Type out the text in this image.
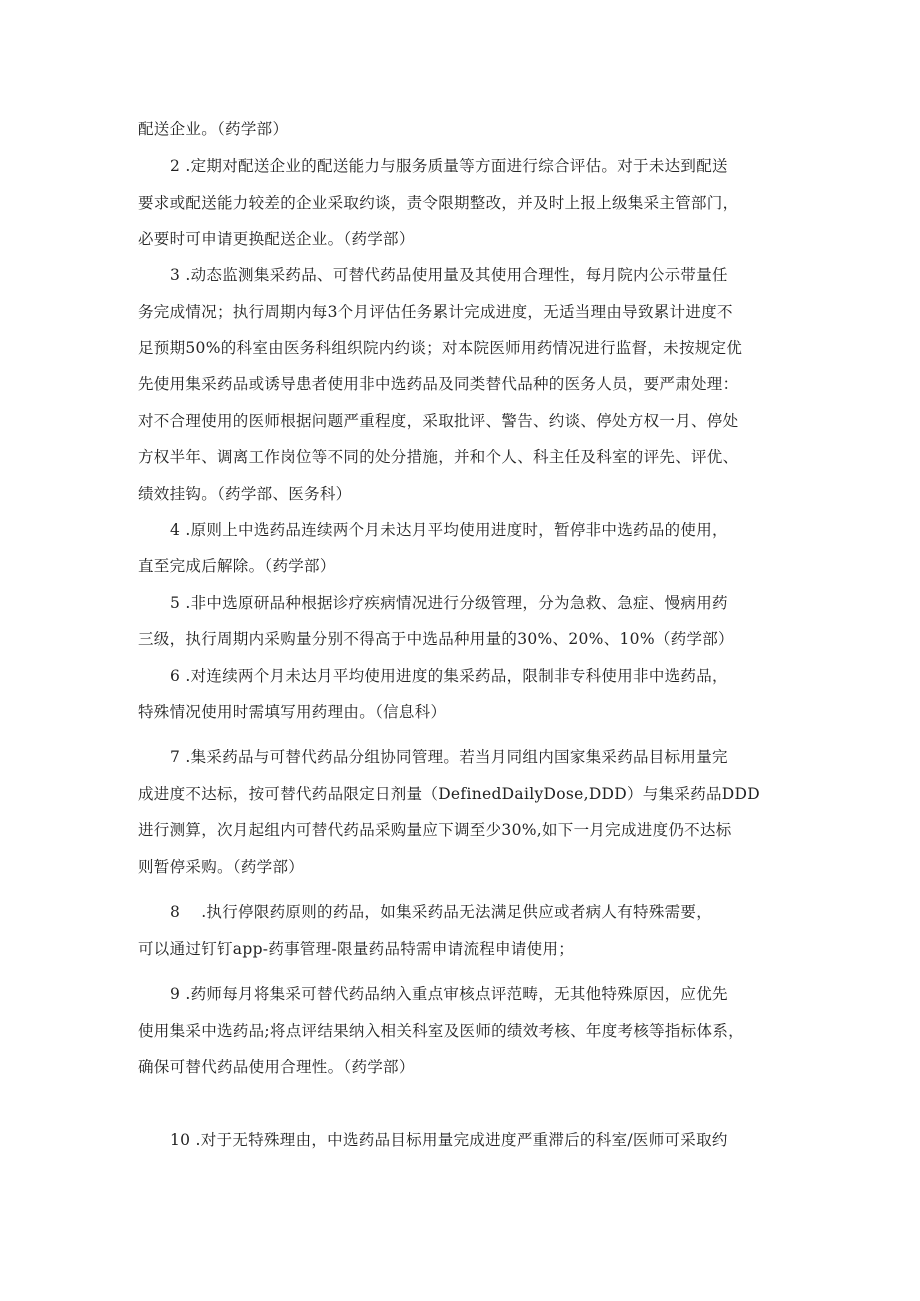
配送企业。（药学部）
2 .定期对配送企业的配送能力与服务质量等方面进行综合评估。对于未达到配送
要求或配送能力较差的企业采取约谈，责令限期整改，并及时上报上级集采主管部门，
必要时可申请更换配送企业。（药学部）
3 .动态监测集采药品、可替代药品使用量及其使用合理性，每月院内公示带量任
务完成情况；执行周期内每3个月评估任务累计完成进度，无适当理由导致累计进度不
足预期50%的科室由医务科组织院内约谈；对本院医师用药情况进行监督，未按规定优
先使用集采药品或诱导患者使用非中选药品及同类替代品种的医务人员，要严肃处理：
对不合理使用的医师根据问题严重程度，采取批评、警告、约谈、停处方权一月、停处
方权半年、调离工作岗位等不同的处分措施，并和个人、科主任及科室的评先、评优、
绩效挂钩。（药学部、医务科）
4 .原则上中选药品连续两个月未达月平均使用进度时，暂停非中选药品的使用，
直至完成后解除。（药学部）
5 .非中选原研品种根据诊疗疾病情况进行分级管理，分为急救、急症、慢病用药
三级，执行周期内采购量分别不得高于中选品种用量的30%、20%、10%（药学部）
6 .对连续两个月未达月平均使用进度的集采药品，限制非专科使用非中选药品，
特殊情况使用时需填写用药理由。（信息科）
7 .集采药品与可替代药品分组协同管理。若当月同组内国家集采药品目标用量完
成进度不达标，按可替代药品限定日剂量（DefinedDailyDose,DDD）与集采药品DDD
进行测算，次月起组内可替代药品采购量应下调至少30%,如下一月完成进度仍不达标
则暂停采购。（药学部）
8　 .执行停限药原则的药品，如集采药品无法满足供应或者病人有特殊需要，
可以通过钉钉app-药事管理-限量药品特需申请流程申请使用；
9 .药师每月将集采可替代药品纳入重点审核点评范畴，无其他特殊原因，应优先
使用集采中选药品;将点评结果纳入相关科室及医师的绩效考核、年度考核等指标体系，
确保可替代药品使用合理性。（药学部）
10 .对于无特殊理由，中选药品目标用量完成进度严重滞后的科室/医师可采取约
